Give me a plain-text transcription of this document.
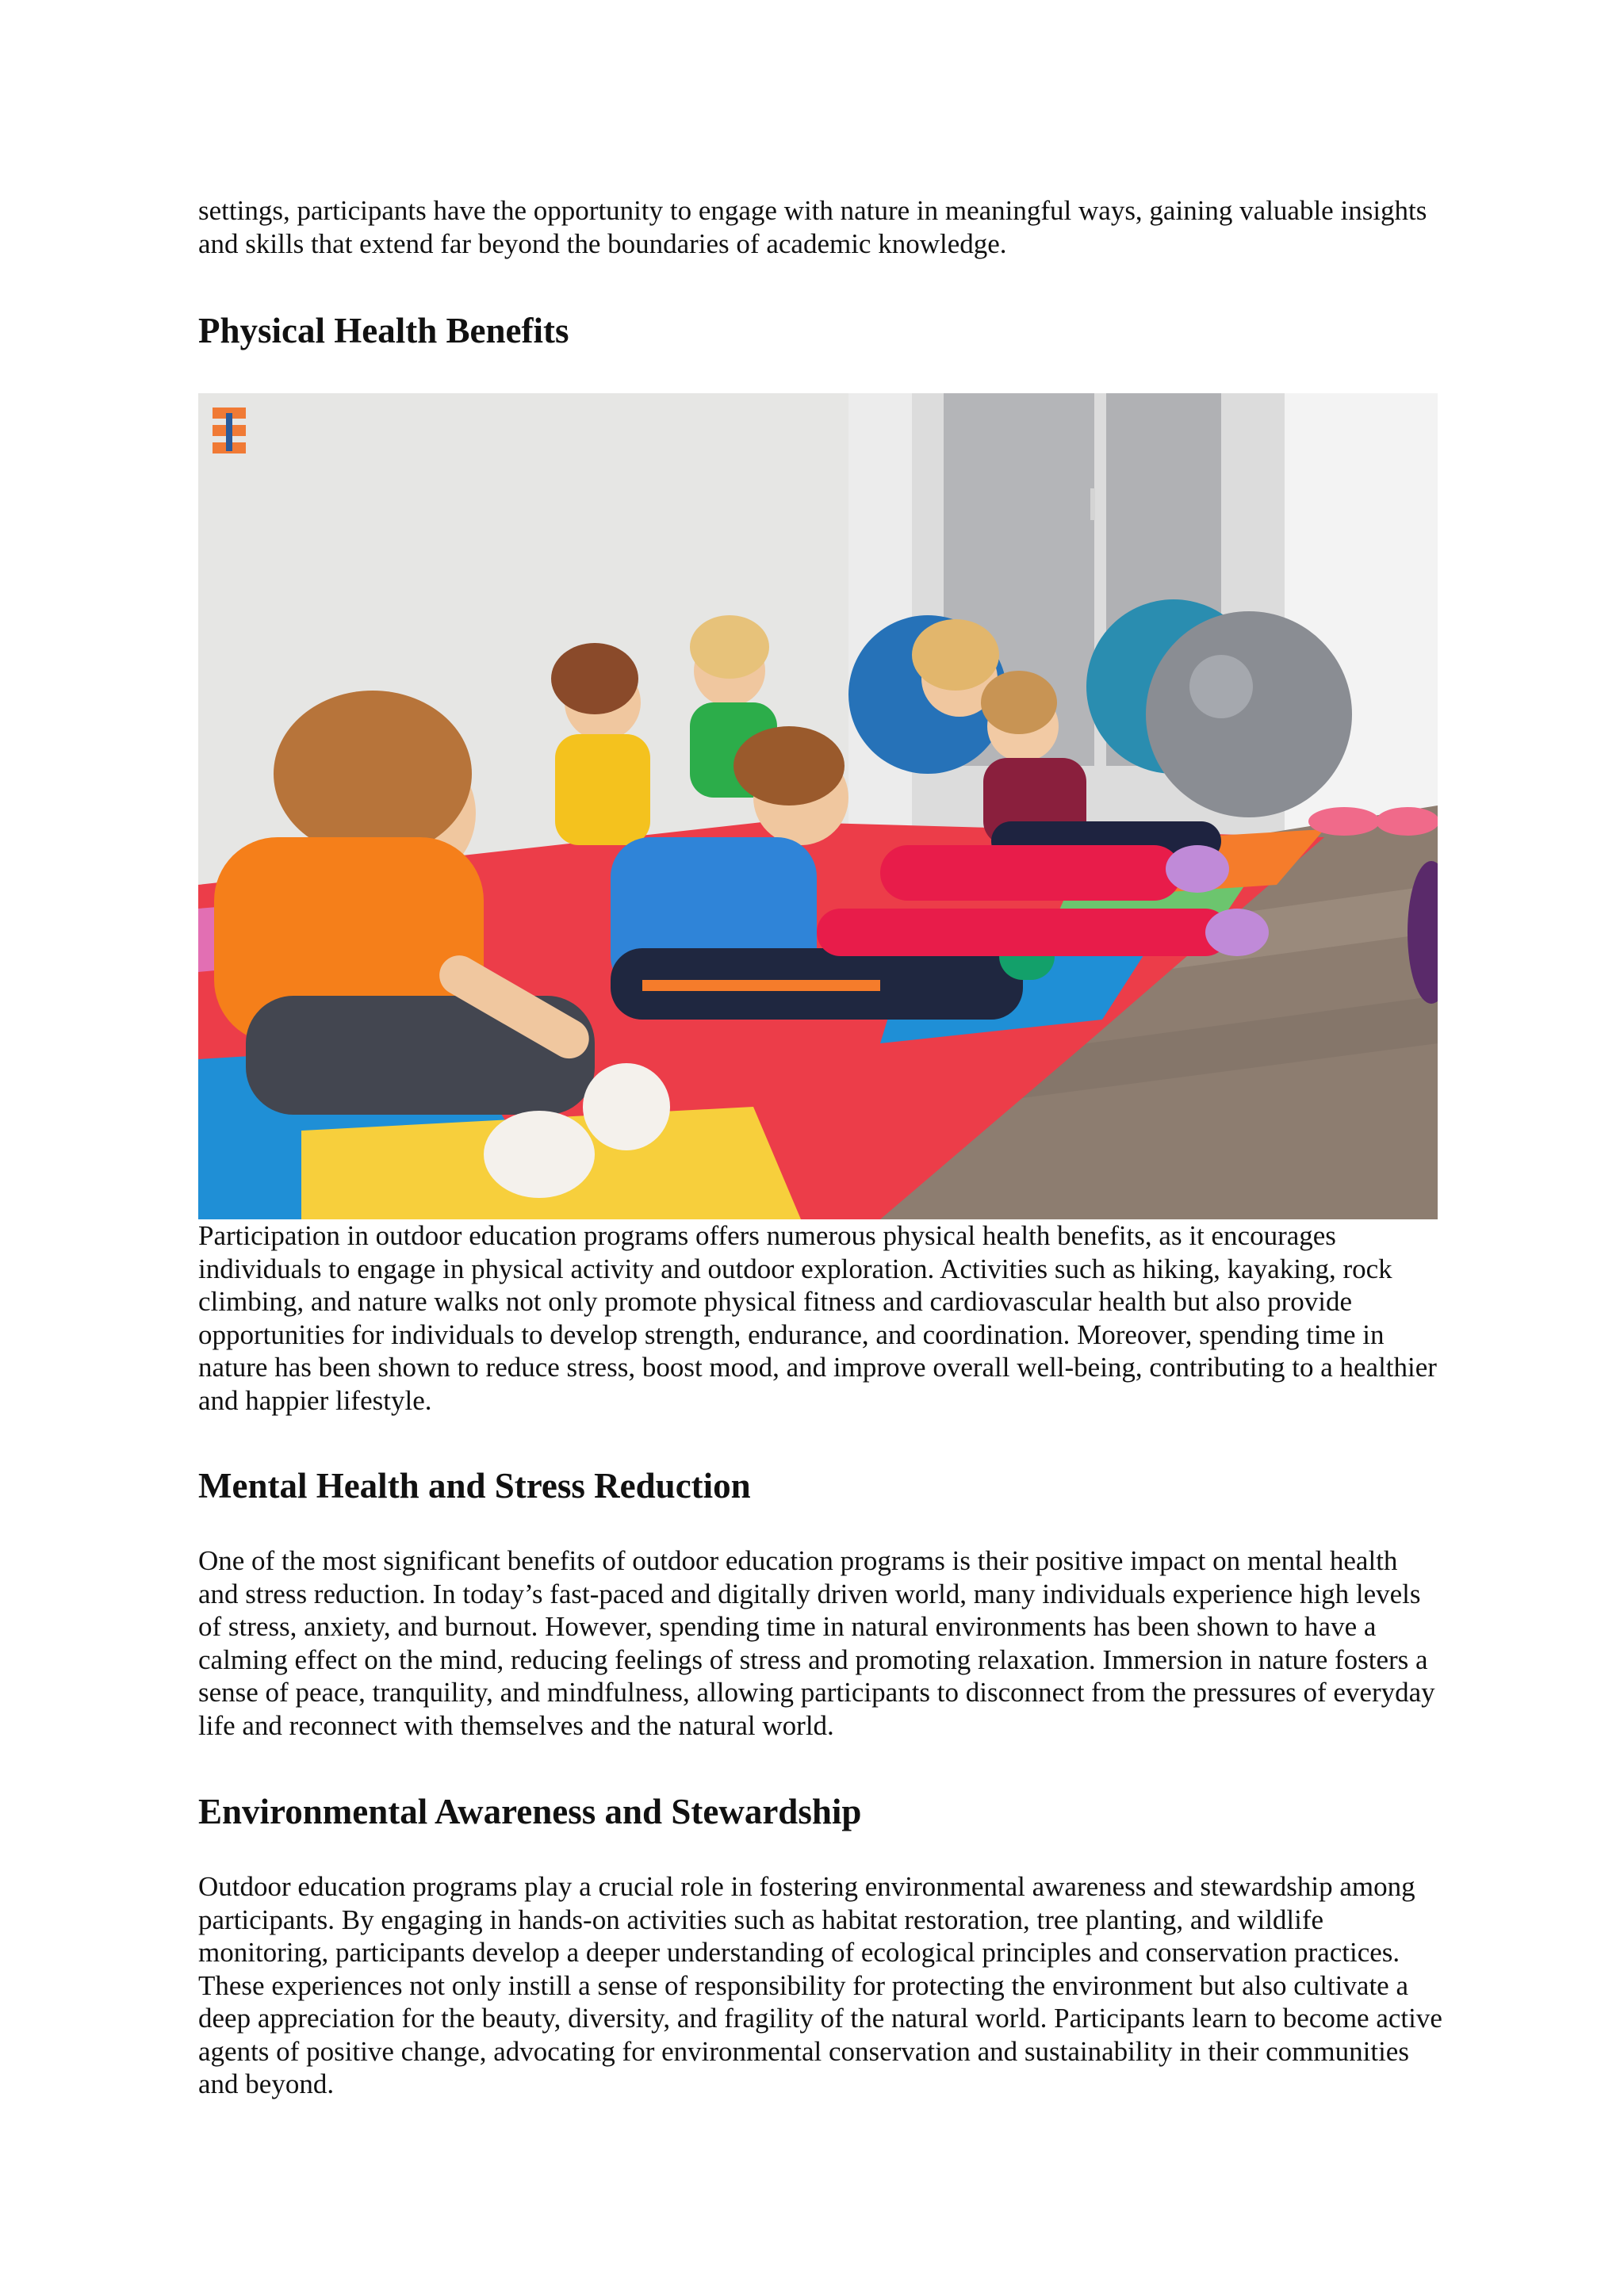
settings, participants have the opportunity to engage with nature in meaningful ways, gaining valuable insights and skills that extend far beyond the boundaries of academic knowledge.

Physical Health Benefits

Participation in outdoor education programs offers numerous physical health benefits, as it encourages individuals to engage in physical activity and outdoor exploration. Activities such as hiking, kayaking, rock climbing, and nature walks not only promote physical fitness and cardiovascular health but also provide opportunities for individuals to develop strength, endurance, and coordination. Moreover, spending time in nature has been shown to reduce stress, boost mood, and improve overall well-being, contributing to a healthier and happier lifestyle.

Mental Health and Stress Reduction

One of the most significant benefits of outdoor education programs is their positive impact on mental health and stress reduction. In today’s fast-paced and digitally driven world, many individuals experience high levels of stress, anxiety, and burnout. However, spending time in natural environments has been shown to have a calming effect on the mind, reducing feelings of stress and promoting relaxation. Immersion in nature fosters a sense of peace, tranquility, and mindfulness, allowing participants to disconnect from the pressures of everyday life and reconnect with themselves and the natural world.

Environmental Awareness and Stewardship

Outdoor education programs play a crucial role in fostering environmental awareness and stewardship among participants. By engaging in hands-on activities such as habitat restoration, tree planting, and wildlife monitoring, participants develop a deeper understanding of ecological principles and conservation practices. These experiences not only instill a sense of responsibility for protecting the environment but also cultivate a deep appreciation for the beauty, diversity, and fragility of the natural world. Participants learn to become active agents of positive change, advocating for environmental conservation and sustainability in their communities and beyond.
